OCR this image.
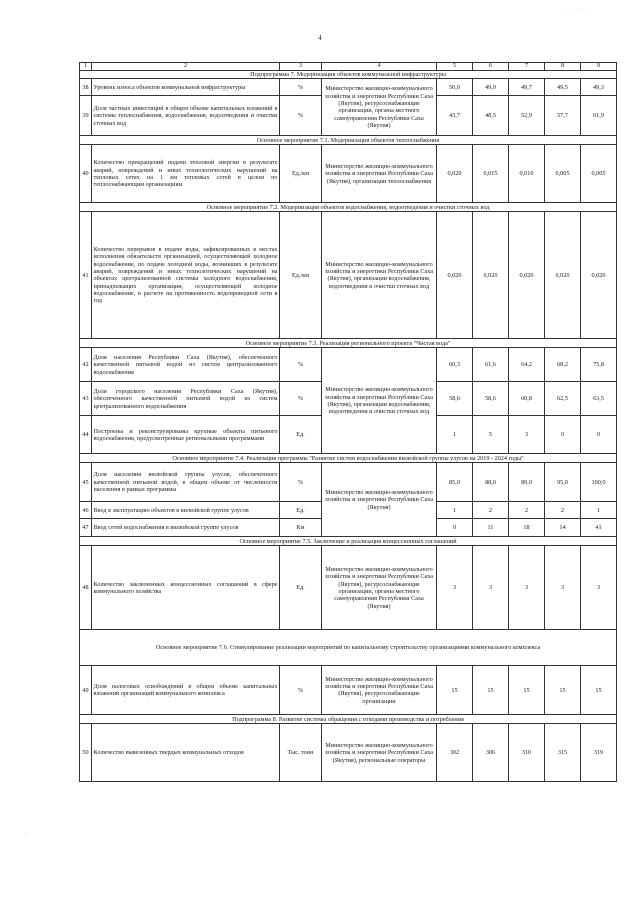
. . . . .
4
1	2	3	4	5	6	7	8	9
Подпрограмма 7. Модернизация объектов коммунальной инфраструктуры								
38	Уровень износа объектов коммунальной инфраструктуры	%	Министерство жилищно-коммунального хозяйства и энергетики Республики Саха (Якутия), ресурсоснабжающие организации, органы местного самоуправления Республики Саха (Якутия)	50,0	49,9	49,7	49,5	49,3
39	Доля частных инвестиций в общем объеме капитальных вложений в системы теплоснабжения, водоснабжения, водоотведения и очистки сточных вод	%		43,7	48,5	52,9	57,7	61,9
Основное мероприятие 7.1. Модернизация объектов теплоснабжения								
40	Количество прекращений подачи тепловой энергии в результате аварий, повреждений и иных технологических нарушений на тепловых сетях на 1 км тепловых сетей в целом по теплоснабжающим организациям	Ед./км	Министерство жилищно-коммунального хозяйства и энергетики Республики Саха (Якутия), организации теплоснабжения	0,020	0,015	0,010	0,005	0,005
Основное мероприятие 7.2. Модернизация объектов водоснабжения, водоотведения и очистки сточных вод								
41	Количество перерывов в подаче воды, зафиксированных в местах исполнения обязательств организацией, осуществляющей холодное водоснабжение, по подаче холодной воды, возникших в результате аварий, повреждений и иных технологических нарушений на объектах централизованной системы холодного водоснабжения, принадлежащих организации, осуществляющей холодное водоснабжение, в расчете на протяженность водопроводной сети в год	Ед./км	Министерство жилищно-коммунального хозяйства и энергетики Республики Саха (Якутия), организации водоснабжения, водоотведения и очистки сточных вод	0,020	0,020	0,020	0,020	0,020
Основное мероприятие 7.3. Реализация регионального проекта "Чистая вода"								
42	Доля населения Республики Саха (Якутия), обеспеченного качественной питьевой водой из систем централизованного водоснабжения	%	Министерство жилищно-коммунального хозяйства и энергетики Республики Саха (Якутия), организации водоснабжения, водоотведения и очистки сточных вод	60,3	61,6	64,2	68,2	75,8
43	Доля городского населения Республики Саха (Якутия), обеспеченного качественной питьевой водой из систем централизованного водоснабжения	%		58,6	58,6	60,8	62,5	63,5
44	Построены и реконструированы крупные объекты питьевого водоснабжения, предусмотренные региональными программами	Ед.		1	5	3	0	0
Основное мероприятие 7.4. Реализация программы "Развитие систем водоснабжения вилюйской группы улусов на 2019 - 2024 годы"								
45	Доля населения вилюйской группы улусов, обеспеченного качественной питьевой водой, в общем объеме от численности населения в рамках программы	%	Министерство жилищно-коммунального хозяйства и энергетики Республики Саха (Якутия)	85,0	88,0	89,0	95,0	100,0
46	Ввод в эксплуатацию объектов в вилюйской группе улусов	Ед.		1	2	2	2	1
47	Ввод сетей водоснабжения в вилюйской группе улусов	Км		0	11	18	14	41
Основное мероприятие 7.5. Заключение и реализация концессионных соглашений								
48	Количество заключенных концессионных соглашений в сфере коммунального хозяйства	Ед.	Министерство жилищно-коммунального хозяйства и энергетики Республики Саха (Якутия), ресурсоснабжающие организации, органы местного самоуправления Республики Саха (Якутия)	3	3	3	3	3
Основное мероприятие 7.6. Стимулирование реализации мероприятий по капитальному строительству организациями коммунального комплекса								
49	Доля налоговых освобождений в общем объеме капитальных вложений организаций коммунального комплекса	%	Министерство жилищно-коммунального хозяйства и энергетики Республики Саха (Якутия), ресурсоснабжающие организации	15	15	15	15	15
Подпрограмма 8. Развитие системы обращения с отходами производства и потребления								
50	Количество вывезенных твердых коммунальных отходов	Тыс. тонн	Министерство жилищно-коммунального хозяйства и энергетики Республики Саха (Якутия), региональные операторы	302	306	310	315	319
.
